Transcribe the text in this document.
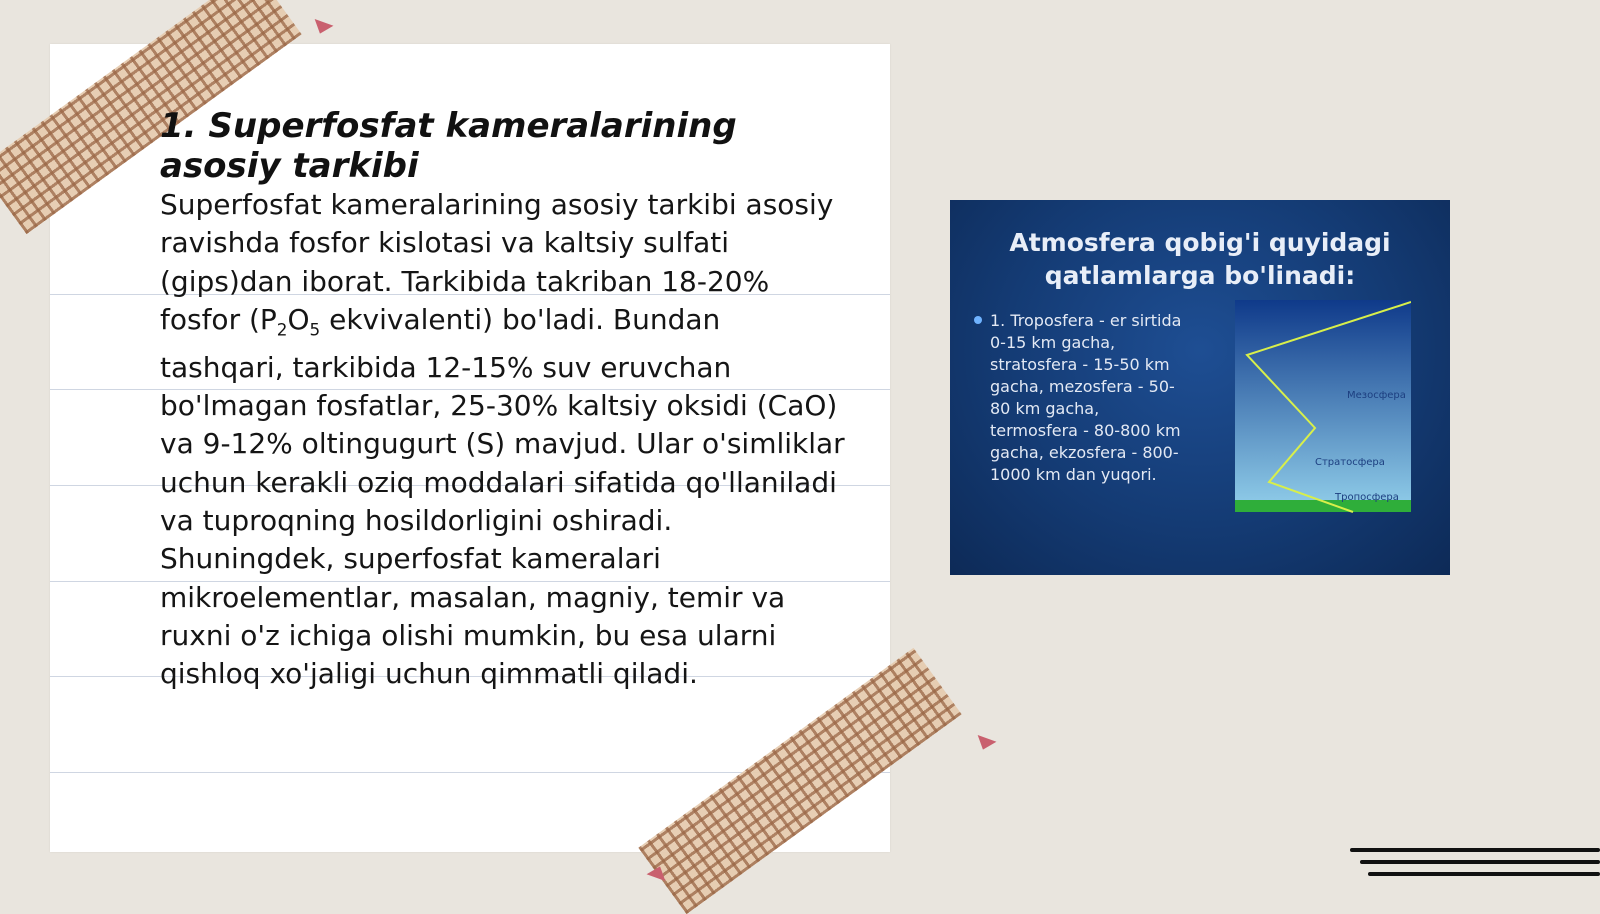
1. Superfosfat kameralarining asosiy tarkibi

Superfosfat kameralarining asosiy tarkibi asosiy ravishda fosfor kislotasi va kaltsiy sulfati (gips)dan iborat. Tarkibida takriban 18-20% fosfor ($P_2O_5$ ekvivalenti) bo'ladi. Bundan tashqari, tarkibida 12-15% suv eruvchan bo'lmagan fosfatlar, 25-30% kaltsiy oksidi (CaO) va 9-12% oltingugurt (S) mavjud. Ular o'simliklar uchun kerakli oziq moddalari sifatida qo'llaniladi va tuproqning hosildorligini oshiradi. Shuningdek, superfosfat kameralari mikroelementlar, masalan, magniy, temir va ruxni o'z ichiga olishi mumkin, bu esa ularni qishloq xo'jaligi uchun qimmatli qiladi.

Atmosfera qobig'i quyidagi qatlamlarga bo'linadi:

1. Troposfera - er sirtida 0-15 km gacha, stratosfera - 15-50 km gacha, mezosfera - 50-80 km gacha, termosfera - 80-800 km gacha, ekzosfera - 800-1000 km dan yuqori.

Мезосфера
Стратосфера
Тропосфера
